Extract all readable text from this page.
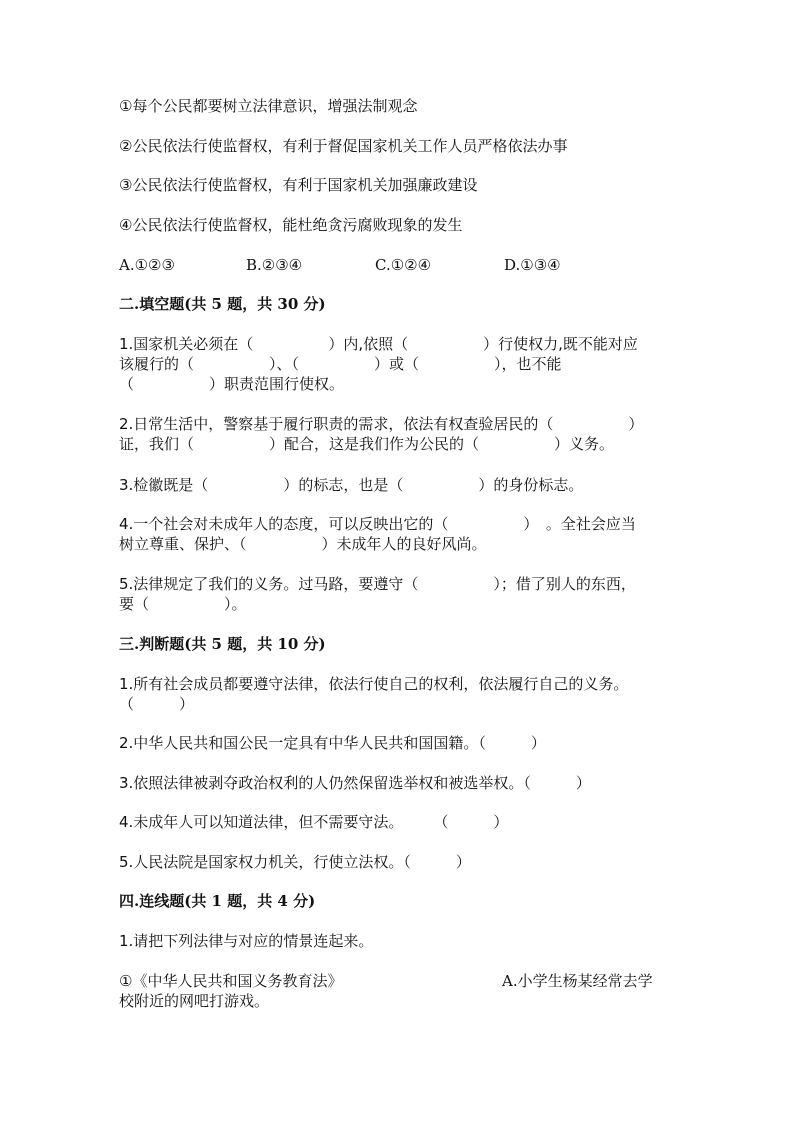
①每个公民都要树立法律意识，增强法制观念
②公民依法行使监督权，有利于督促国家机关工作人员严格依法办事
③公民依法行使监督权，有利于国家机关加强廉政建设
④公民依法行使监督权，能杜绝贪污腐败现象的发生
A.①②③	B.②③④	C.①②④	D.①③④
二.填空题(共 5 题，共 30 分)
1.国家机关必须在（　　　　　）内,依照（　　　　　）行使权力,既不能对应
该履行的（　　　　　）、（　　　　　）或（　　　　　），也不能
（　　　　　）职责范围行使权。
2.日常生活中，警察基于履行职责的需求，依法有权查验居民的（　　　　　）
证，我们（　　　　　）配合，这是我们作为公民的（　　　　　）义务。
3.检徽既是（　　　　　）的标志，也是（　　　　　）的身份标志。
4.一个社会对未成年人的态度，可以反映出它的（　　　　　）　。全社会应当
树立尊重、保护、（　　　　　）未成年人的良好风尚。
5.法律规定了我们的义务。过马路，要遵守（　　　　　）；借了别人的东西，
要（　　　　　）。
三.判断题(共 5 题，共 10 分)
1.所有社会成员都要遵守法律，依法行使自己的权利，依法履行自己的义务。
（　　　）
2.中华人民共和国公民一定具有中华人民共和国国籍。（　　　）
3.依照法律被剥夺政治权利的人仍然保留选举权和被选举权。（　　　）
4.未成年人可以知道法律，但不需要守法。　　　（　　　）
5.人民法院是国家权力机关，行使立法权。（　　　）
四.连线题(共 1 题，共 4 分)
1.请把下列法律与对应的情景连起来。
①《中华人民共和国义务教育法》	A.小学生杨某经常去学
校附近的网吧打游戏。
